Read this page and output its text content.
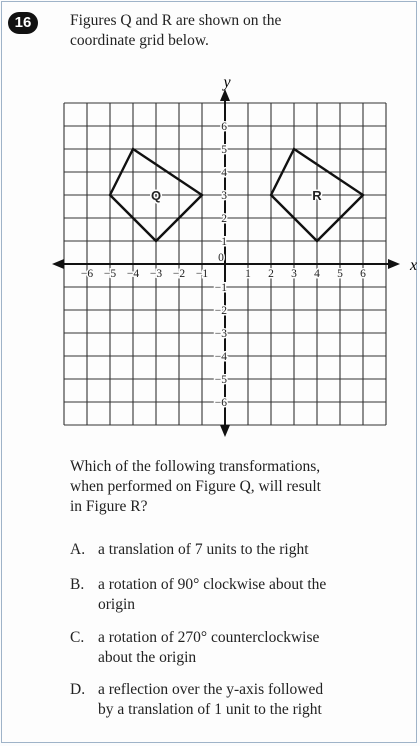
16	Figures Q and R are shown on the
coordinate grid below.
x
y
−6 −5 −4 −3 −2 −1	1 2 3 4 5 6
−6
−5
−4
−3
−2
−1
1
2
3
4
5
6
0
Q	R
Which of the following transformations,
when performed on Figure Q, will result
in Figure R?
A. a translation of 7 units to the right
B. a rotation of 90° clockwise about the
origin
C. a rotation of 270° counterclockwise
about the origin
D. a reflection over the y-axis followed
by a translation of 1 unit to the right
